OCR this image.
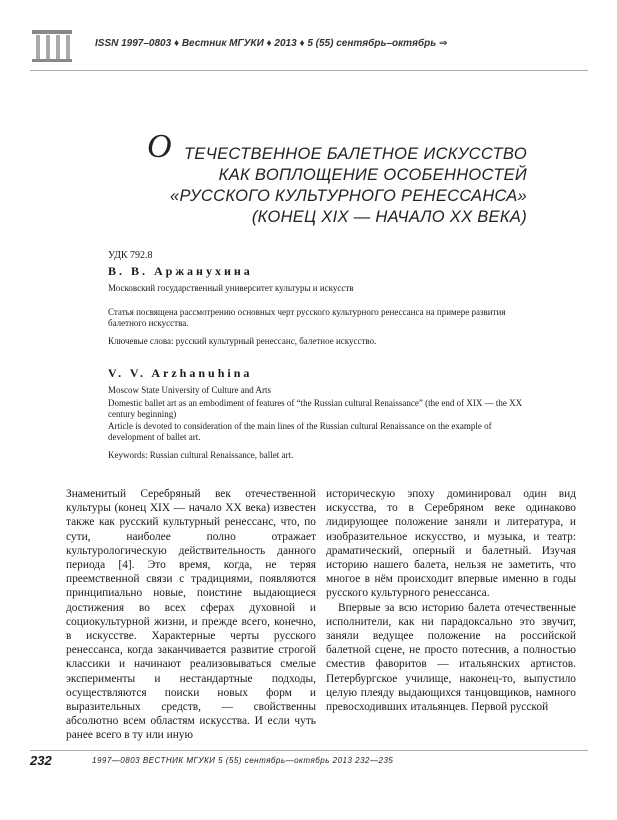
ISSN 1997–0803 ♦ Вестник МГУКИ ♦ 2013 ♦ 5 (55) сентябрь–октябрь ⇒
О ТЕЧЕСТВЕННОЕ БАЛЕТНОЕ ИСКУССТВО
КАК ВОПЛОЩЕНИЕ ОСОБЕННОСТЕЙ
«РУССКОГО КУЛЬТУРНОГО РЕНЕССАНСА»
(КОНЕЦ XIX — НАЧАЛО XX ВЕКА)
УДК 792.8
В. В. Аржанухина
Московский государственный университет культуры и искусств
Статья посвящена рассмотрению основных черт русского культурного ренессанса на примере развития балетного искусства.
Ключевые слова: русский культурный ренессанс, балетное искусство.
V. V. Arzhanuhina
Moscow State University of Culture and Arts
Domestic ballet art as an embodiment of features of “the Russian cultural Renaissance” (the end of XIX — the XX century beginning)
Article is devoted to consideration of the main lines of the Russian cultural Renaissance on the example of development of ballet art.
Keywords: Russian cultural Renaissance, ballet art.

Знаменитый Серебряный век отечественной культуры (конец XIX — начало XX века) известен также как русский культурный ренессанс, что, по сути, наиболее полно отражает культурологическую действительность данного периода [4]. Это время, когда, не теряя преемственной связи с традициями, появляются принципиально новые, поистине выдающиеся достижения во всех сферах духовной и социокультурной жизни, и прежде всего, конечно, в искусстве. Характерные черты русского ренессанса, когда заканчивается развитие строгой классики и начинают реализовываться смелые эксперименты и нестандартные подходы, осуществляются поиски новых форм и выразительных средств, — свойственны абсолютно всем областям искусства. И если чуть ранее всего в ту или иную

историческую эпоху доминировал один вид искусства, то в Серебряном веке одинаково лидирующее положение заняли и литература, и изобразительное искусство, и музыка, и театр: драматический, оперный и балетный. Изучая историю нашего балета, нельзя не заметить, что многое в нём происходит впервые именно в годы русского культурного ренессанса.

Впервые за всю историю балета отечественные исполнители, как ни парадоксально это звучит, заняли ведущее положение на российской балетной сцене, не просто потеснив, а полностью сместив фаворитов — итальянских артистов. Петербургское училище, наконец-то, выпустило целую плеяду выдающихся танцовщиков, намного превосходивших итальянцев. Первой русской

232	1997—0803 ВЕСТНИК МГУКИ 5 (55) сентябрь—октябрь 2013 232—235
